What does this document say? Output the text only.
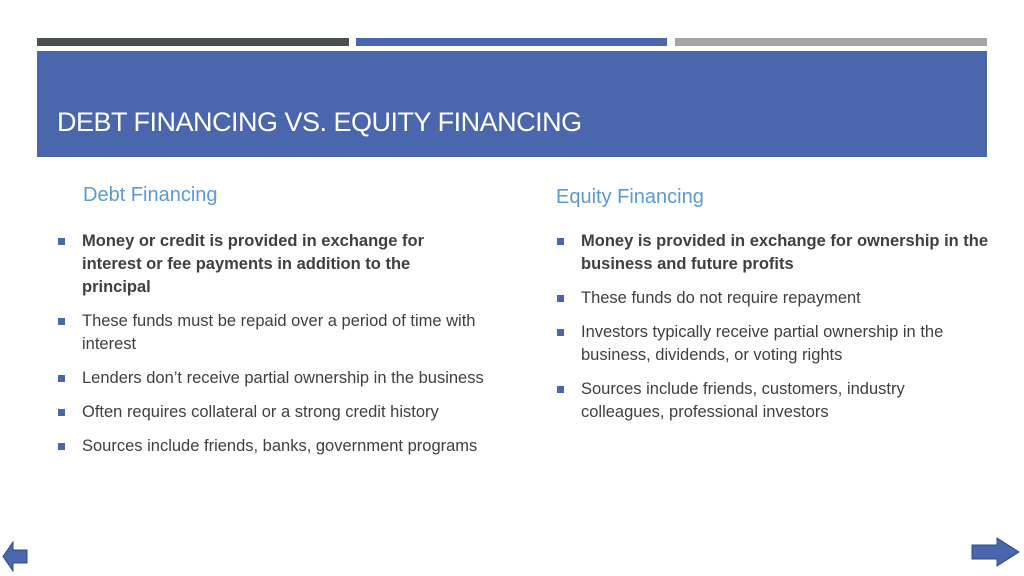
DEBT FINANCING VS. EQUITY FINANCING
Debt Financing	Equity Financing
Money or credit is provided in exchange for interest or fee payments in addition to the principal
These funds must be repaid over a period of time with interest
Lenders don’t receive partial ownership in the business
Often requires collateral or a strong credit history
Sources include friends, banks, government programs
Money is provided in exchange for ownership in the business and future profits
These funds do not require repayment
Investors typically receive partial ownership in the business, dividends, or voting rights
Sources include friends, customers, industry colleagues, professional investors
